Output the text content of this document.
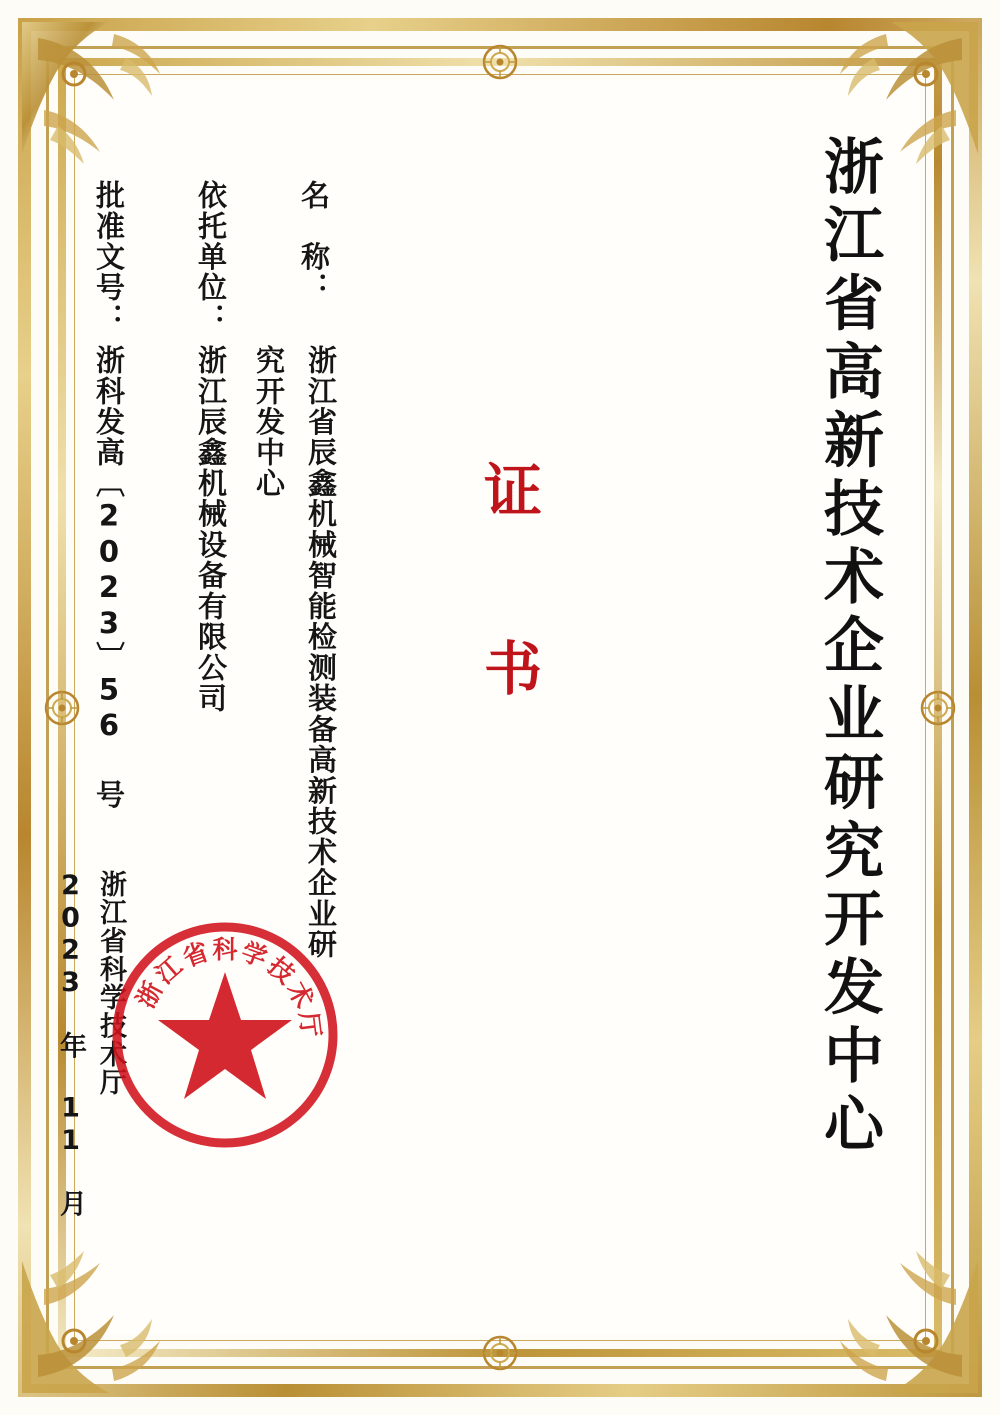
浙江省高新技术企业研究开发中心
证 书
名　称：
浙江省辰鑫机械智能检测装备高新技术企业研
究开发中心
依托单位：
浙江辰鑫机械设备有限公司
批准文号：
浙科发高〔2023〕56 号
浙江省科学技术厅
2023 年 11 月 浙
江
省 科 学
技
术
厅
